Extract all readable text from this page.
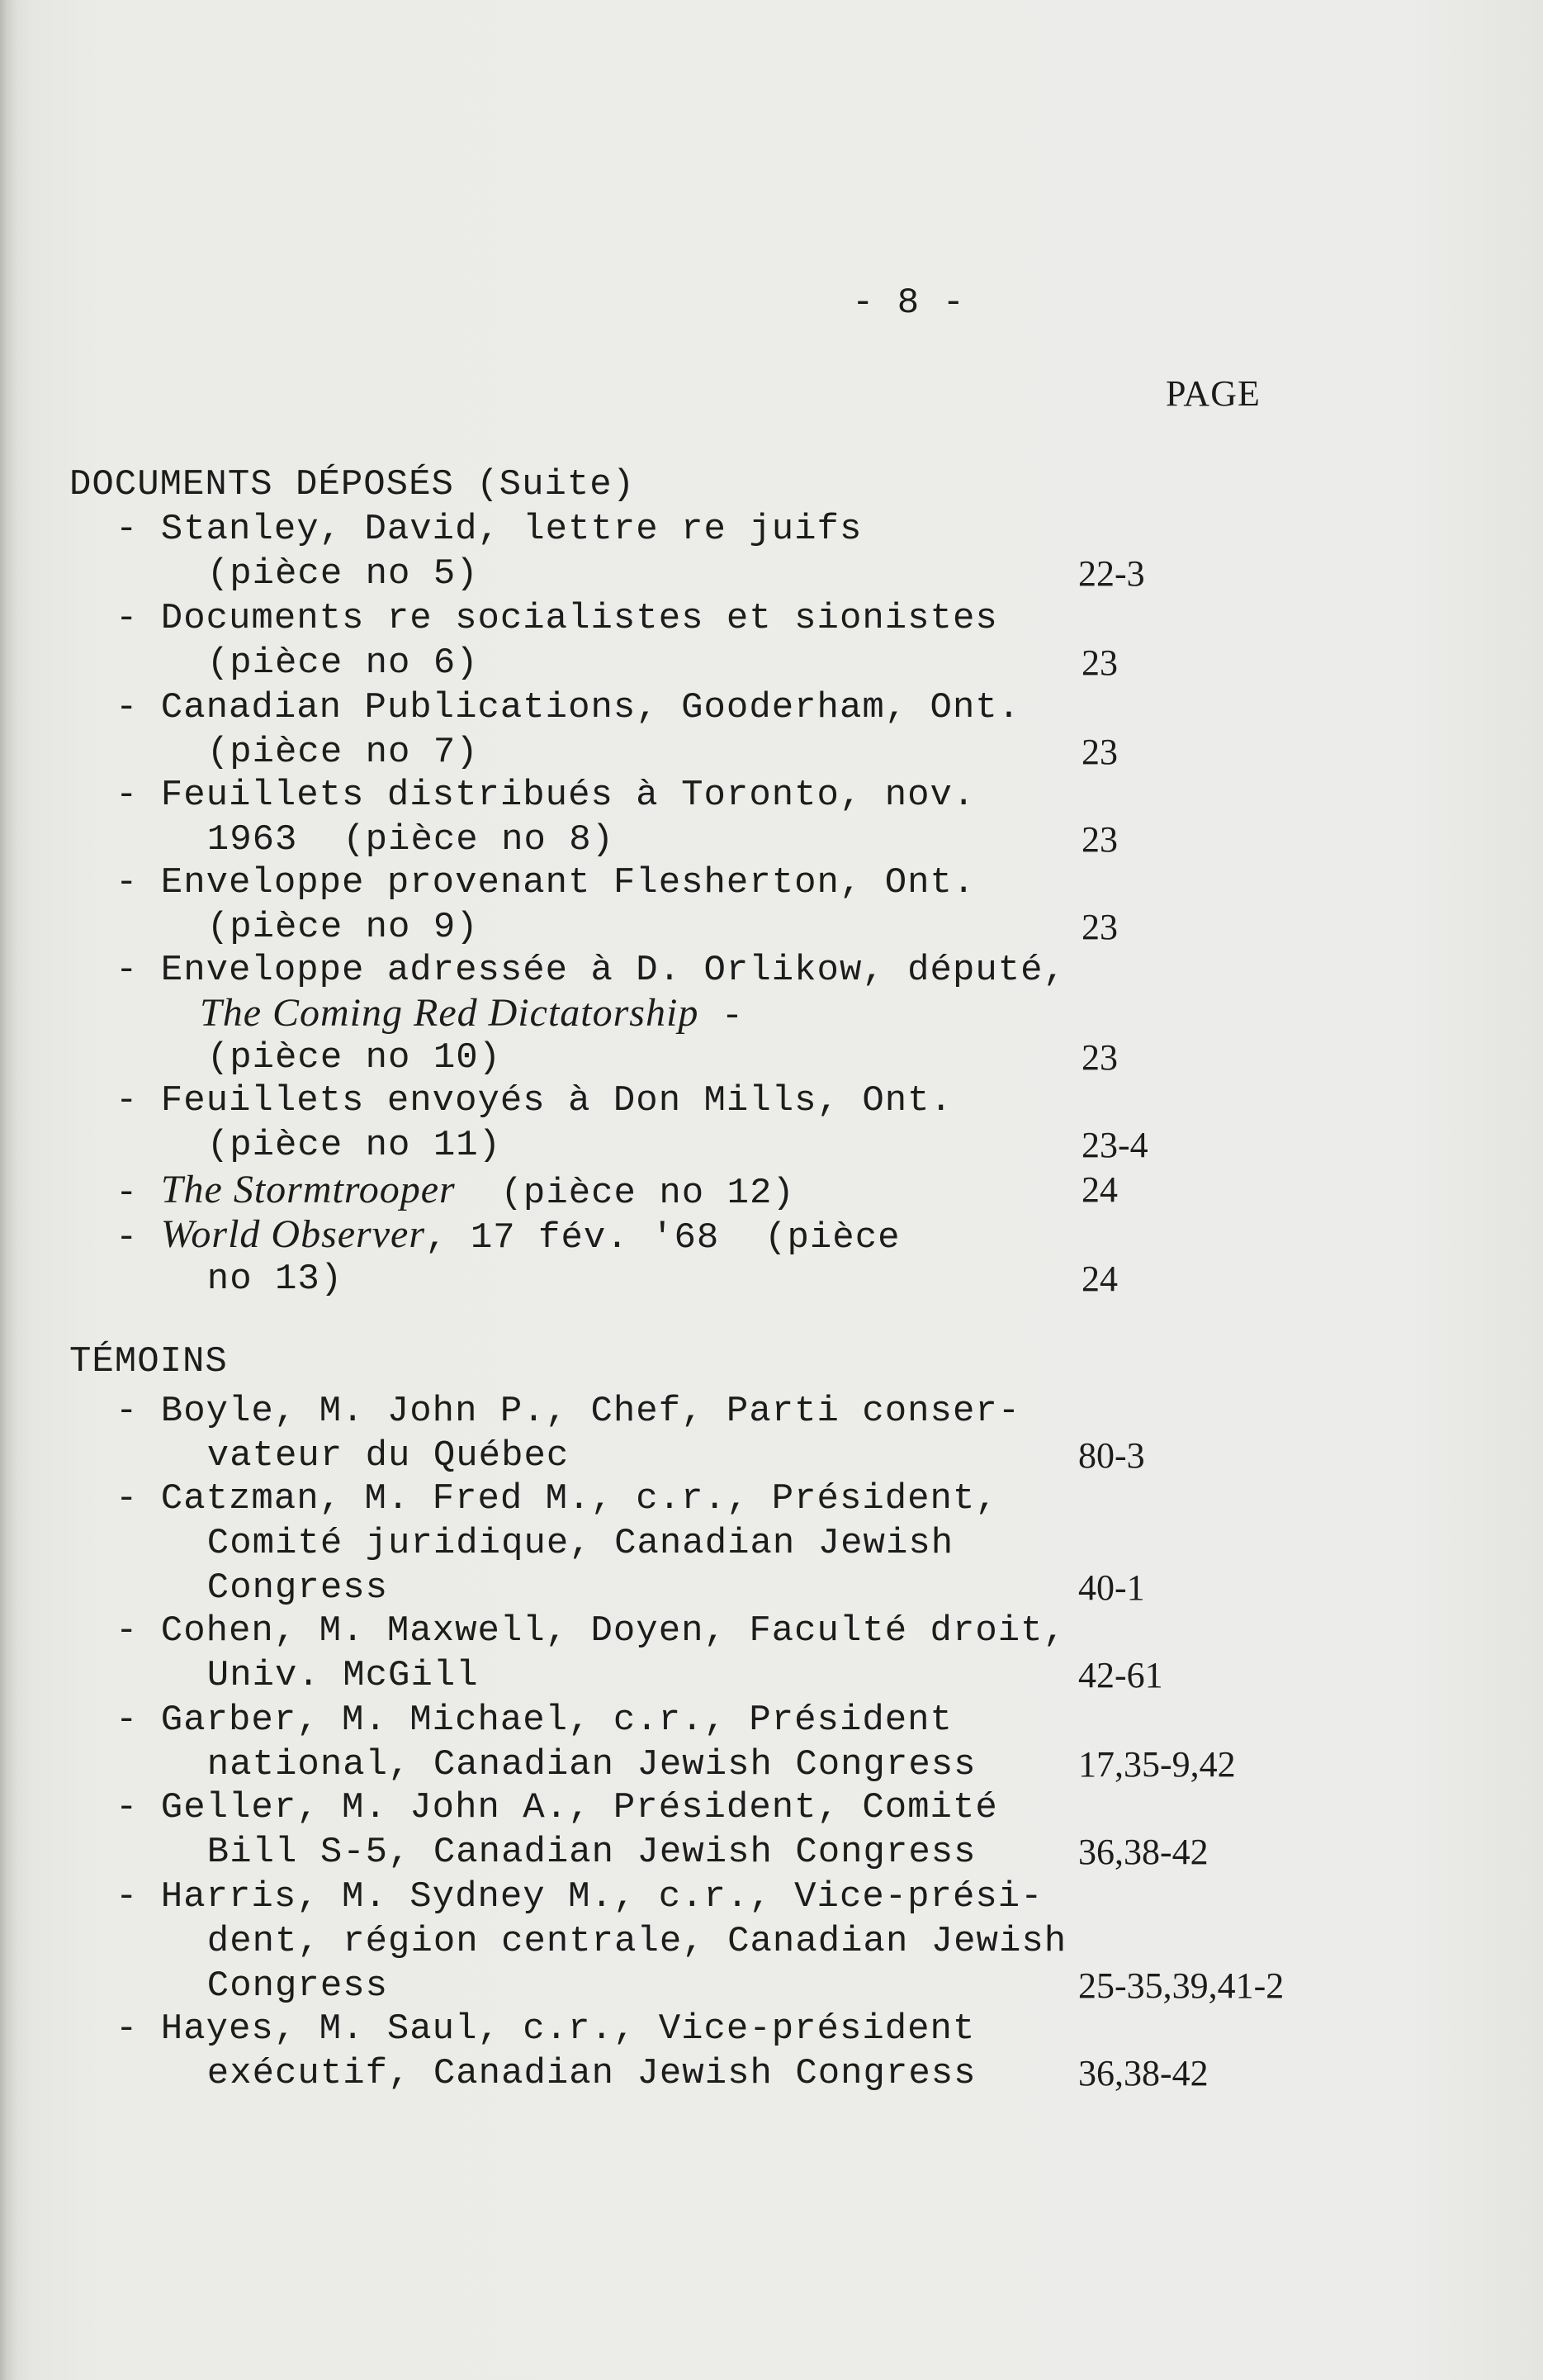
- 8 -
PAGE
DOCUMENTS DÉPOSÉS (Suite)
- Stanley, David, lettre re juifs
(pièce no 5)	22-3
- Documents re socialistes et sionistes
(pièce no 6)	23
- Canadian Publications, Gooderham, Ont.
(pièce no 7)	23
- Feuillets distribués à Toronto, nov.
1963  (pièce no 8)	23
- Enveloppe provenant Flesherton, Ont.
(pièce no 9)	23
- Enveloppe adressée à D. Orlikow, député,
The Coming Red Dictatorship -
(pièce no 10)	23
- Feuillets envoyés à Don Mills, Ont.
(pièce no 11)	23-4
- The Stormtrooper  (pièce no 12)	24
- World Observer, 17 fév. '68  (pièce
no 13)	24
TÉMOINS
- Boyle, M. John P., Chef, Parti conser-
vateur du Québec	80-3
- Catzman, M. Fred M., c.r., Président,
Comité juridique, Canadian Jewish
Congress	40-1
- Cohen, M. Maxwell, Doyen, Faculté droit,
Univ. McGill	42-61
- Garber, M. Michael, c.r., Président
national, Canadian Jewish Congress	17,35-9,42
- Geller, M. John A., Président, Comité
Bill S-5, Canadian Jewish Congress	36,38-42
- Harris, M. Sydney M., c.r., Vice-prési-
dent, région centrale, Canadian Jewish
Congress	25-35,39,41-2
- Hayes, M. Saul, c.r., Vice-président
exécutif, Canadian Jewish Congress	36,38-42
